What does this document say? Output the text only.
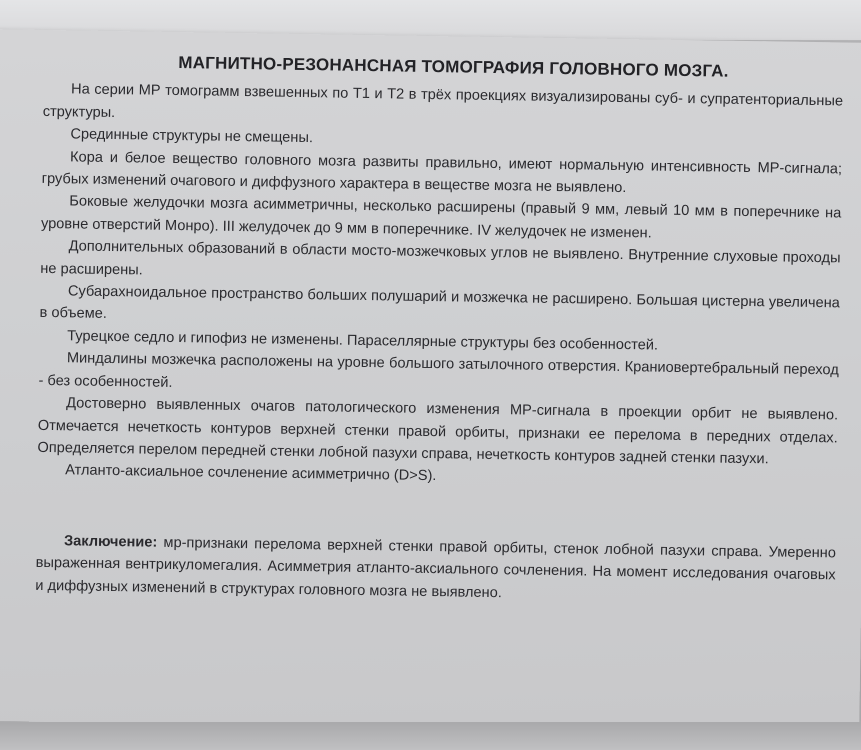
МАГНИТНО-РЕЗОНАНСНАЯ ТОМОГРАФИЯ ГОЛОВНОГО МОЗГА.

На серии МР томограмм взвешенных по Т1 и Т2 в трёх проекциях визуализированы суб- и супратенториальные структуры.

Срединные структуры не смещены.

Кора и белое вещество головного мозга развиты правильно, имеют нормальную интенсивность МР-сигнала; грубых изменений очагового и диффузного характера в веществе мозга не выявлено.

Боковые желудочки мозга асимметричны, несколько расширены (правый 9 мм, левый 10 мм в поперечнике на уровне отверстий Монро). III желудочек до 9 мм в поперечнике. IV желудочек не изменен.

Дополнительных образований в области мосто-мозжечковых углов не выявлено. Внутренние слуховые проходы не расширены.

Субарахноидальное пространство больших полушарий и мозжечка не расширено. Большая цистерна увеличена в объеме.

Турецкое седло и гипофиз не изменены. Параселлярные структуры без особенностей.

Миндалины мозжечка расположены на уровне большого затылочного отверстия. Краниовертебральный переход - без особенностей.

Достоверно выявленных очагов патологического изменения МР-сигнала в проекции орбит не выявлено. Отмечается нечеткость контуров верхней стенки правой орбиты, признаки ее перелома в передних отделах. Определяется перелом передней стенки лобной пазухи справа, нечеткость контуров задней стенки пазухи.

Атланто-аксиальное сочленение асимметрично (D>S).

Заключение: мр-признаки перелома верхней стенки правой орбиты, стенок лобной пазухи справа. Умеренно выраженная вентрикуломегалия. Асимметрия атланто-аксиального сочленения. На момент исследования очаговых и диффузных изменений в структурах головного мозга не выявлено.
